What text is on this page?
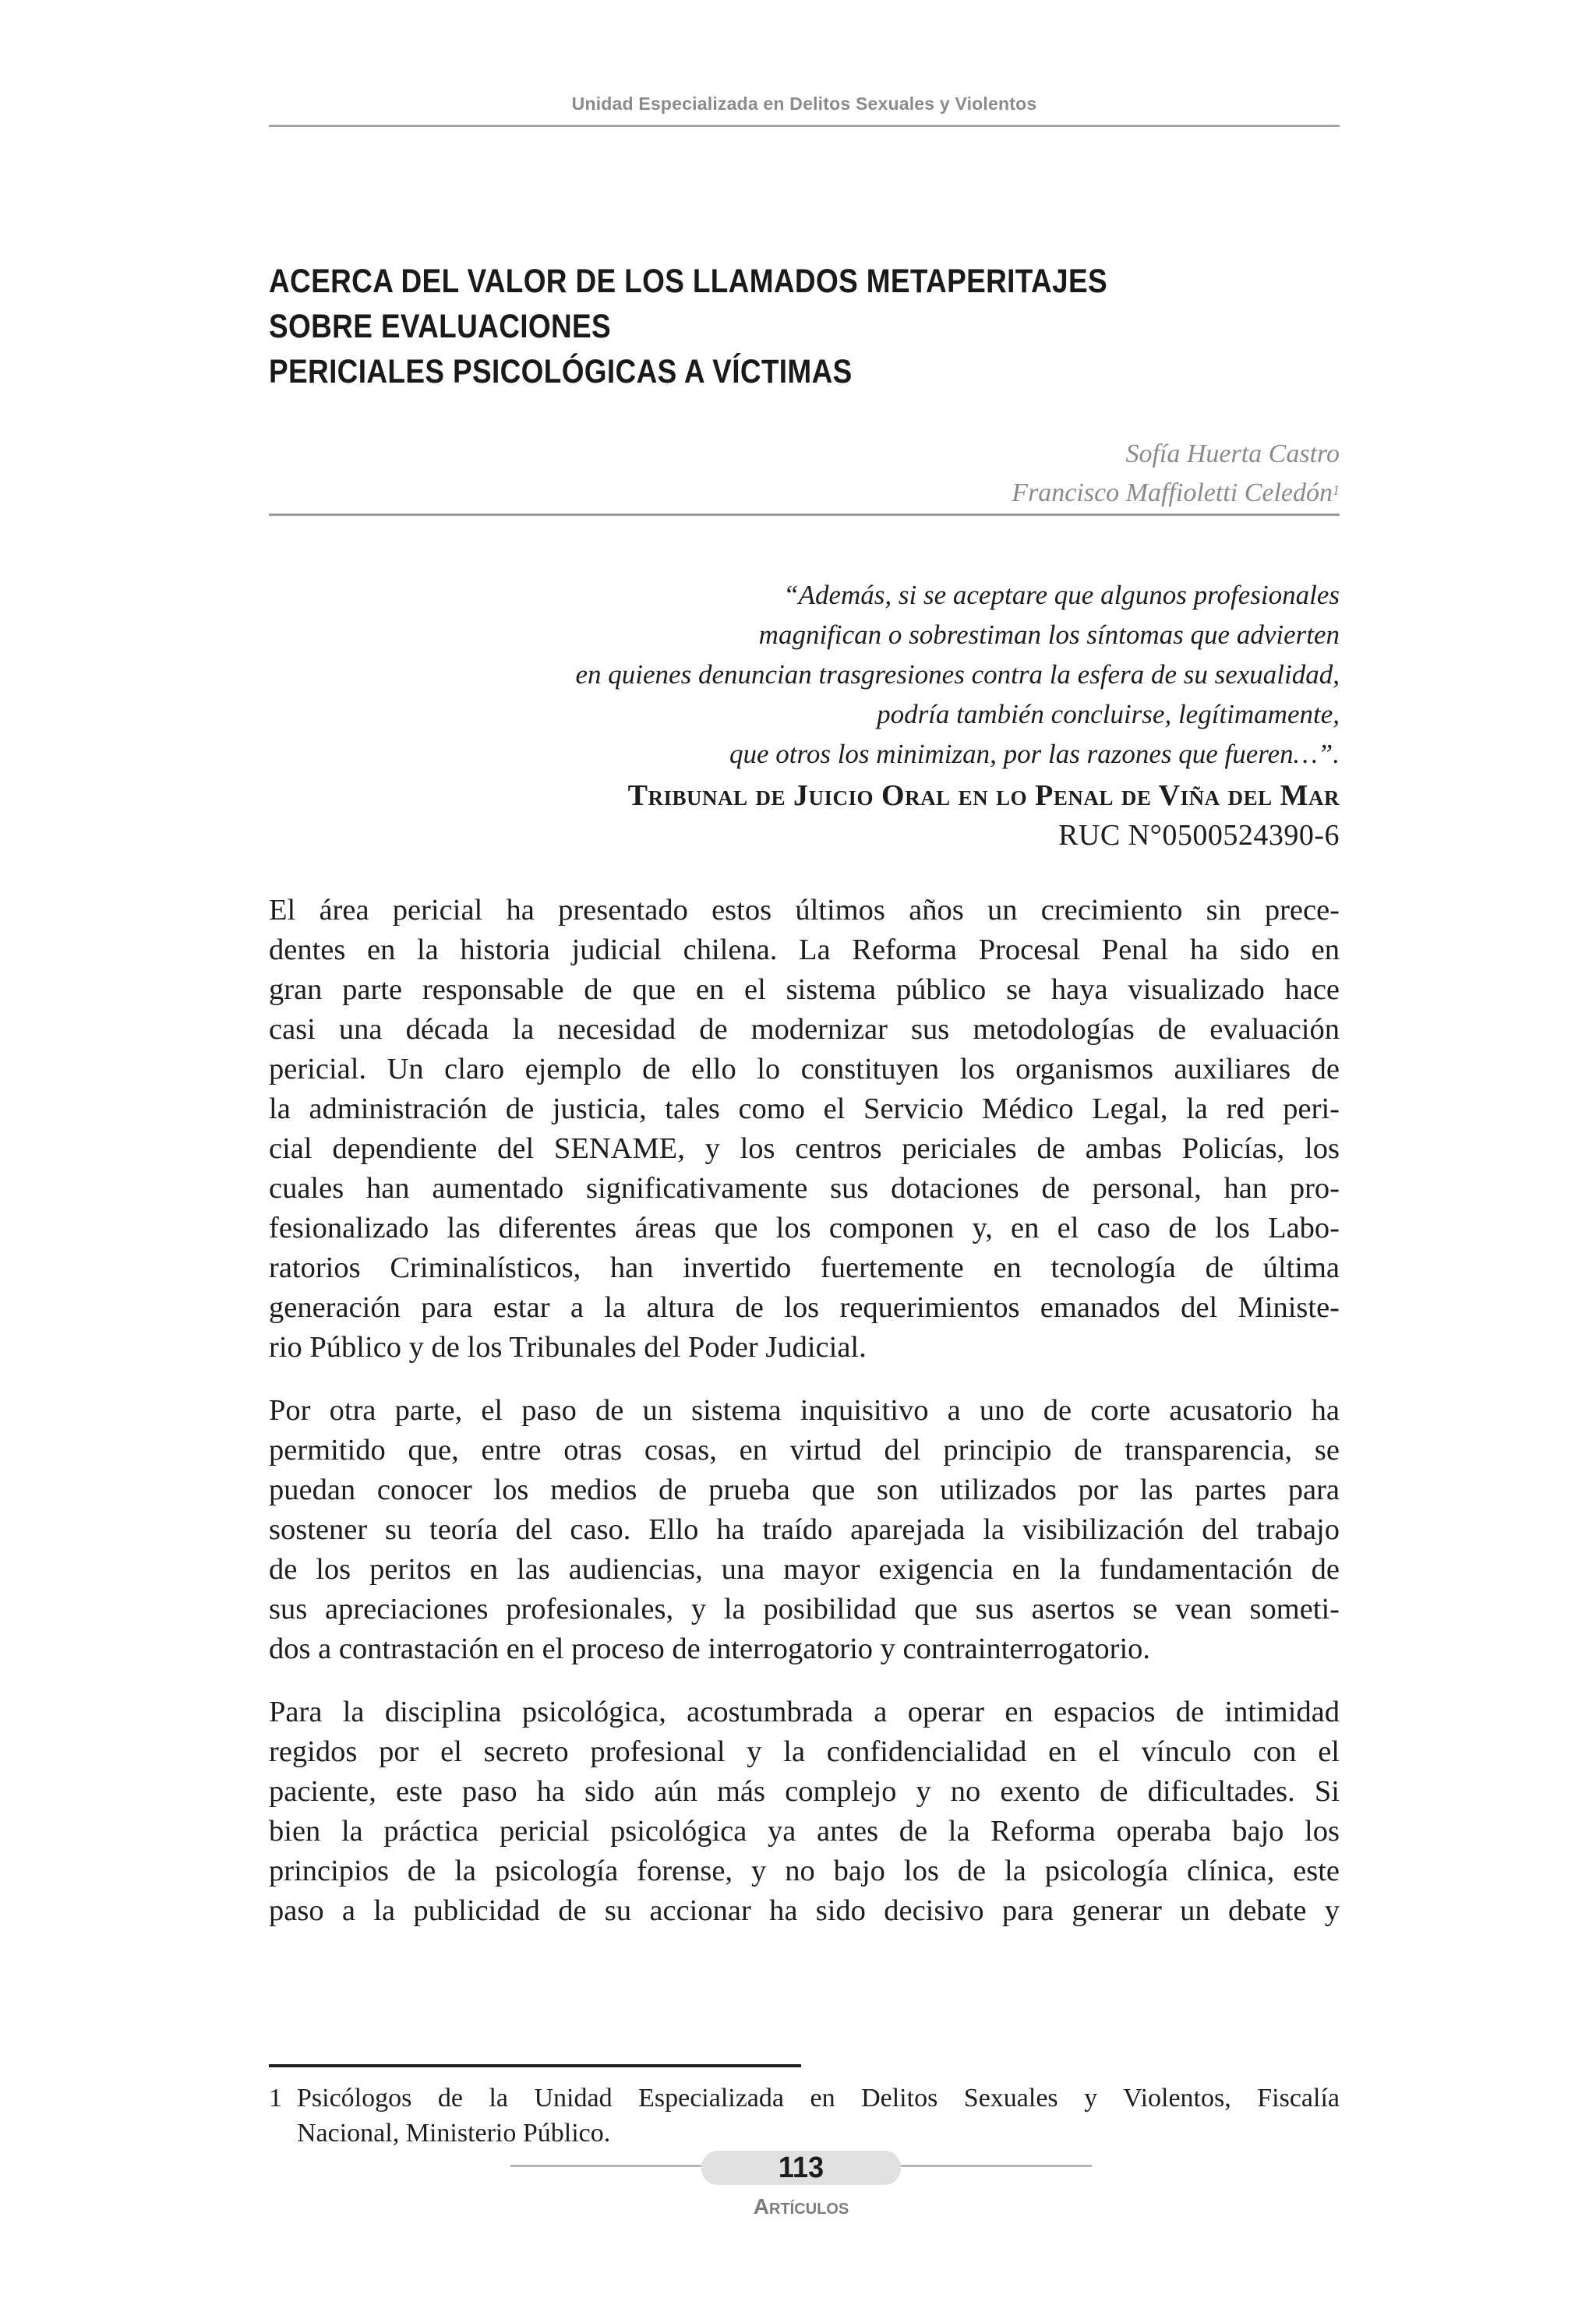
Unidad Especializada en Delitos Sexuales y Violentos
ACERCA DEL VALOR DE LOS LLAMADOS METAPERITAJES SOBRE EVALUACIONES
PERICIALES PSICOLÓGICAS A VÍCTIMAS
Sofía Huerta Castro
Francisco Maffioletti Celedón$^1$
“Además, si se aceptare que algunos profesionales
magnifican o sobrestiman los síntomas que advierten
en quienes denuncian trasgresiones contra la esfera de su sexualidad,
podría también concluirse, legítimamente,
que otros los minimizan, por las razones que fueren…”.
Tribunal de Juicio Oral en lo Penal de Viña del Mar
RUC N°0500524390-6

El área pericial ha presentado estos últimos años un crecimiento sin prece-
dentes en la historia judicial chilena. La Reforma Procesal Penal ha sido en
gran parte responsable de que en el sistema público se haya visualizado hace
casi una década la necesidad de modernizar sus metodologías de evaluación
pericial. Un claro ejemplo de ello lo constituyen los organismos auxiliares de
la administración de justicia, tales como el Servicio Médico Legal, la red peri-
cial dependiente del SENAME, y los centros periciales de ambas Policías, los
cuales han aumentado significativamente sus dotaciones de personal, han pro-
fesionalizado las diferentes áreas que los componen y, en el caso de los Labo-
ratorios Criminalísticos, han invertido fuertemente en tecnología de última
generación para estar a la altura de los requerimientos emanados del Ministe-
rio Público y de los Tribunales del Poder Judicial.

Por otra parte, el paso de un sistema inquisitivo a uno de corte acusatorio ha
permitido que, entre otras cosas, en virtud del principio de transparencia, se
puedan conocer los medios de prueba que son utilizados por las partes para
sostener su teoría del caso. Ello ha traído aparejada la visibilización del trabajo
de los peritos en las audiencias, una mayor exigencia en la fundamentación de
sus apreciaciones profesionales, y la posibilidad que sus asertos se vean someti-
dos a contrastación en el proceso de interrogatorio y contrainterrogatorio.

Para la disciplina psicológica, acostumbrada a operar en espacios de intimidad
regidos por el secreto profesional y la confidencialidad en el vínculo con el
paciente, este paso ha sido aún más complejo y no exento de dificultades. Si
bien la práctica pericial psicológica ya antes de la Reforma operaba bajo los
principios de la psicología forense, y no bajo los de la psicología clínica, este
paso a la publicidad de su accionar ha sido decisivo para generar un debate y

1 Psicólogos de la Unidad Especializada en Delitos Sexuales y Violentos, Fiscalía
Nacional, Ministerio Público.
113
Artículos
